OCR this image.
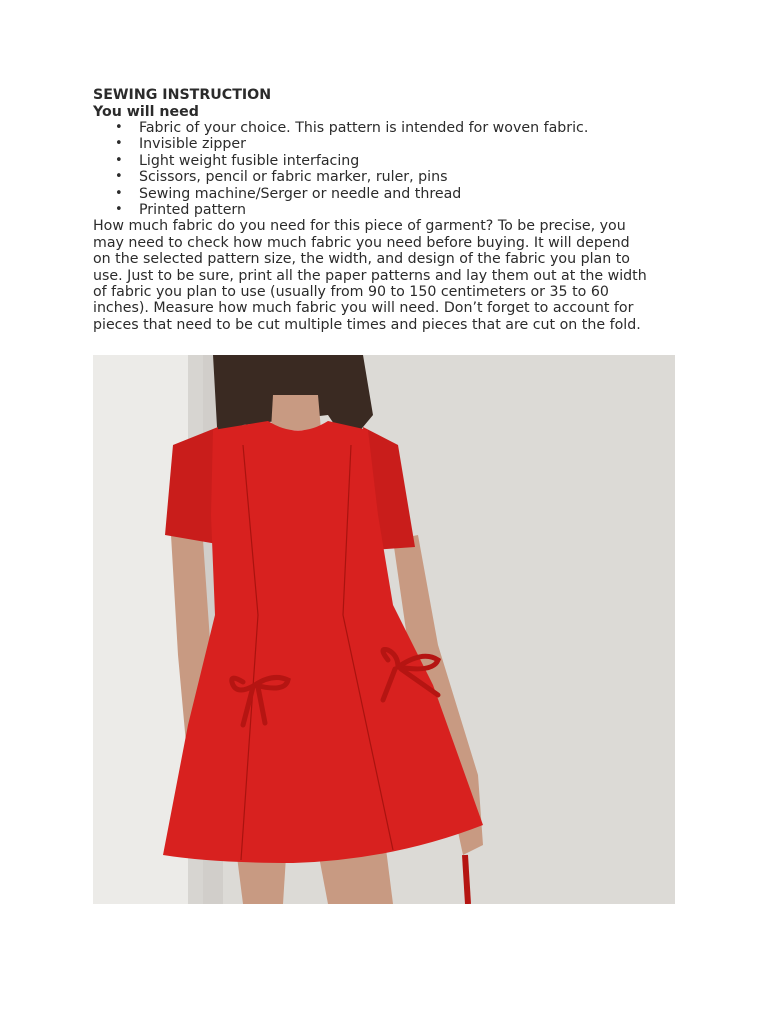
SEWING INSTRUCTION
You will need
• Fabric of your choice. This pattern is intended for woven fabric.
• Invisible zipper
• Light weight fusible interfacing
• Scissors, pencil or fabric marker, ruler, pins
• Sewing machine/Serger or needle and thread
• Printed pattern
How much fabric do you need for this piece of garment? To be precise, you
may need to check how much fabric you need before buying. It will depend
on the selected pattern size, the width, and design of the fabric you plan to
use. Just to be sure, print all the paper patterns and lay them out at the width
of fabric you plan to use (usually from 90 to 150 centimeters or 35 to 60
inches). Measure how much fabric you will need. Don’t forget to account for
pieces that need to be cut multiple times and pieces that are cut on the fold.
